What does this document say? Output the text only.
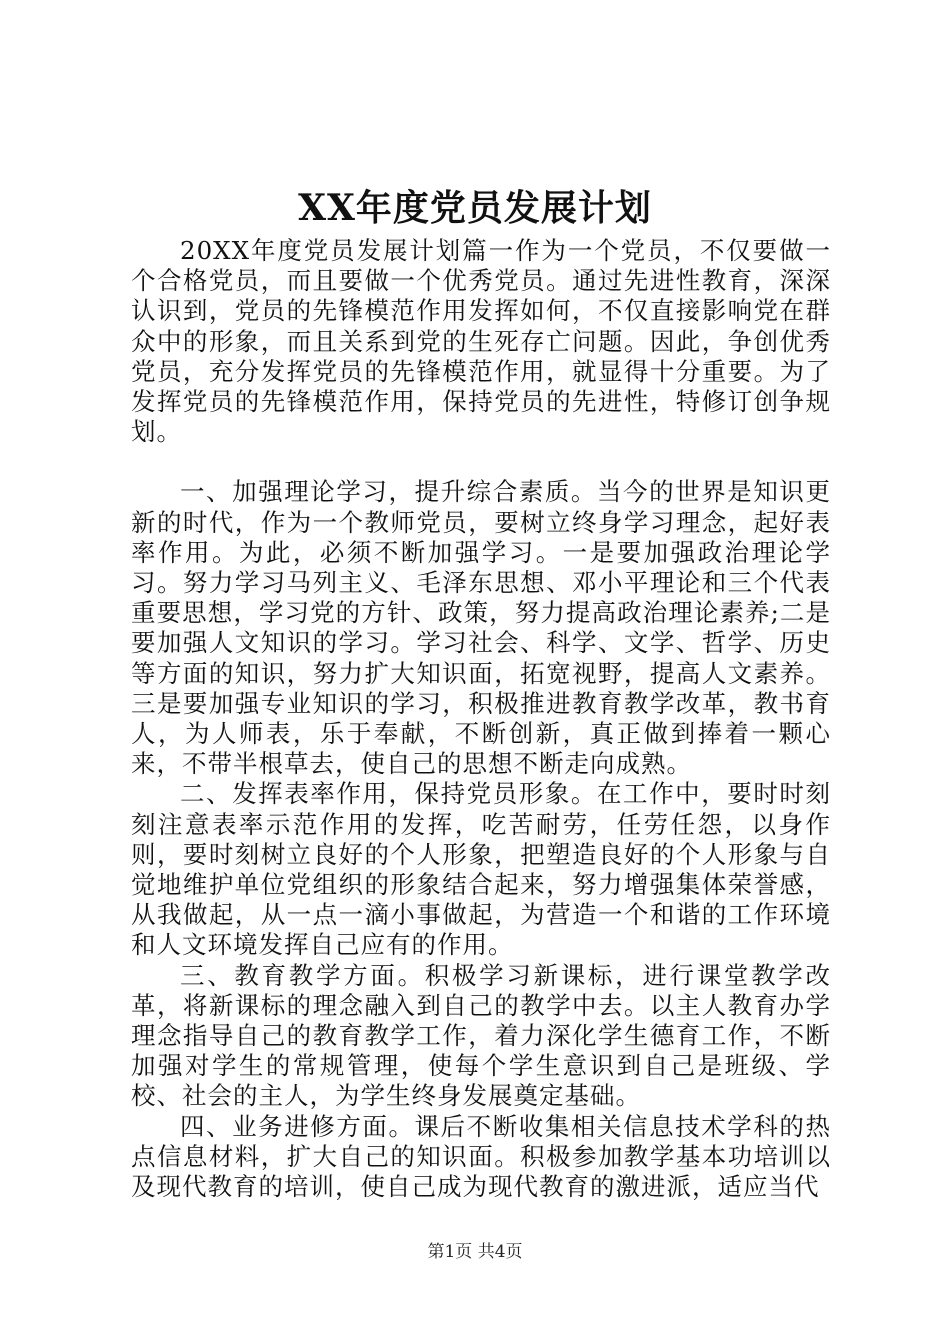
XX年度党员发展计划

20XX年度党员发展计划篇一作为一个党员，不仅要做一个合格党员，而且要做一个优秀党员。通过先进性教育，深深认识到，党员的先锋模范作用发挥如何，不仅直接影响党在群众中的形象，而且关系到党的生死存亡问题。因此，争创优秀党员，充分发挥党员的先锋模范作用，就显得十分重要。为了发挥党员的先锋模范作用，保持党员的先进性，特修订创争规划。

一、加强理论学习，提升综合素质。当今的世界是知识更新的时代，作为一个教师党员，要树立终身学习理念，起好表率作用。为此，必须不断加强学习。一是要加强政治理论学习。努力学习马列主义、毛泽东思想、邓小平理论和三个代表重要思想，学习党的方针、政策，努力提高政治理论素养;二是要加强人文知识的学习。学习社会、科学、文学、哲学、历史等方面的知识，努力扩大知识面，拓宽视野，提高人文素养。三是要加强专业知识的学习，积极推进教育教学改革，教书育人，为人师表，乐于奉献，不断创新，真正做到捧着一颗心来，不带半根草去，使自己的思想不断走向成熟。

二、发挥表率作用，保持党员形象。在工作中，要时时刻刻注意表率示范作用的发挥，吃苦耐劳，任劳任怨，以身作则，要时刻树立良好的个人形象，把塑造良好的个人形象与自觉地维护单位党组织的形象结合起来，努力增强集体荣誉感，从我做起，从一点一滴小事做起，为营造一个和谐的工作环境和人文环境发挥自己应有的作用。

三、教育教学方面。积极学习新课标，进行课堂教学改革，将新课标的理念融入到自己的教学中去。以主人教育办学理念指导自己的教育教学工作，着力深化学生德育工作，不断加强对学生的常规管理，使每个学生意识到自己是班级、学校、社会的主人，为学生终身发展奠定基础。

四、业务进修方面。课后不断收集相关信息技术学科的热点信息材料，扩大自己的知识面。积极参加教学基本功培训以及现代教育的培训，使自己成为现代教育的激进派，适应当代

第1页 共4页
